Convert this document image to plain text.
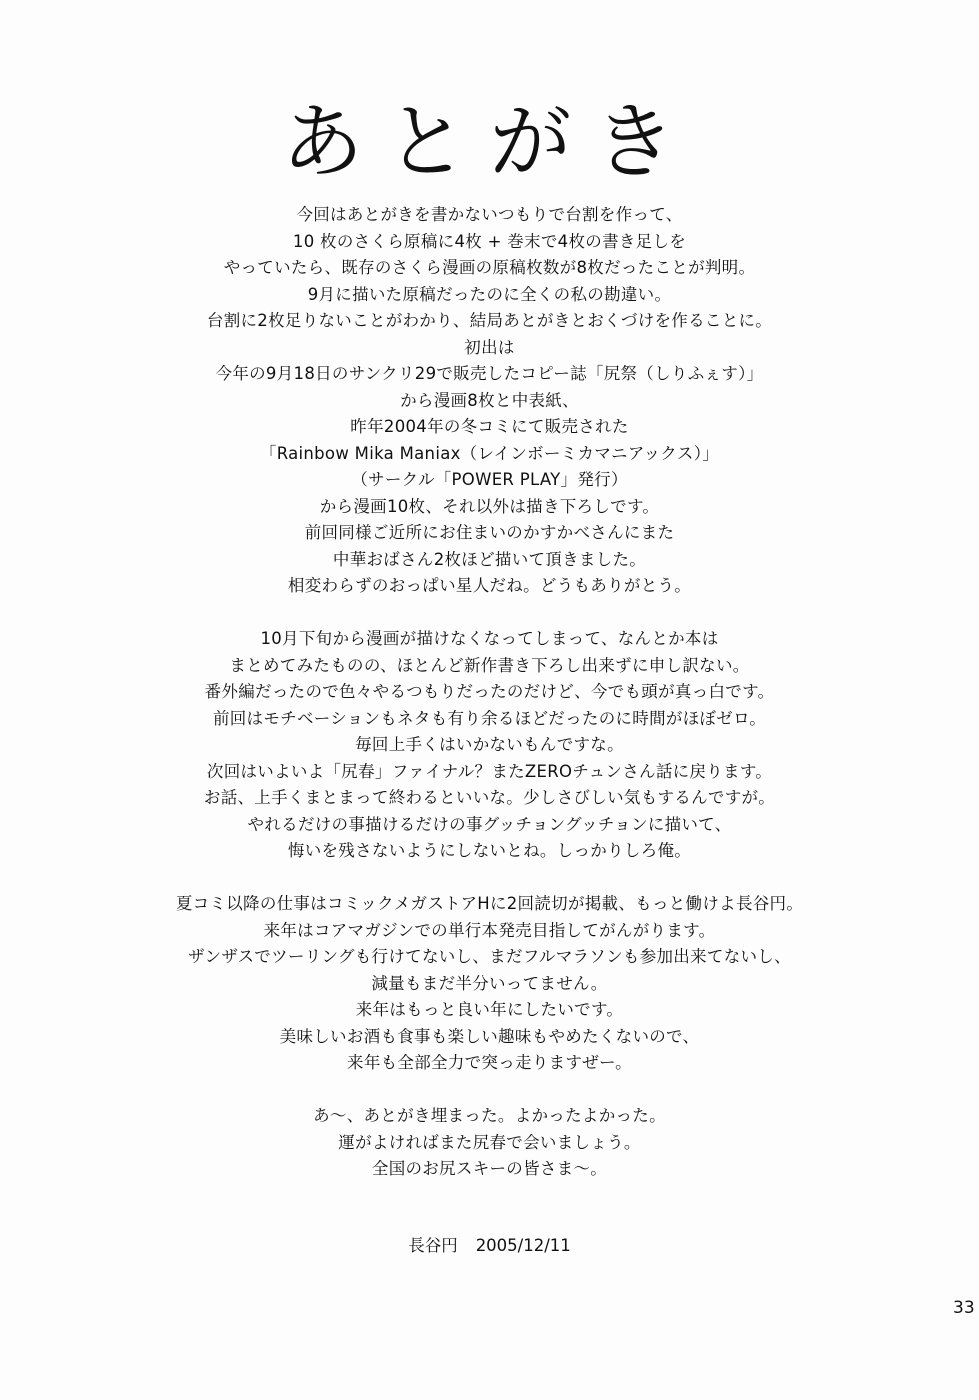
あとがき
今回はあとがきを書かないつもりで台割を作って、
10 枚のさくら原稿に4枚 + 巻末で4枚の書き足しを
やっていたら、既存のさくら漫画の原稿枚数が8枚だったことが判明。
9月に描いた原稿だったのに全くの私の勘違い。
台割に2枚足りないことがわかり、結局あとがきとおくづけを作ることに。
初出は
今年の9月18日のサンクリ29で販売したコピー誌「尻祭（しりふぇす）」
から漫画8枚と中表紙、
昨年2004年の冬コミにて販売された
「Rainbow Mika Maniax（レインボーミカマニアックス）」
（サークル「POWER PLAY」発行）
から漫画10枚、それ以外は描き下ろしです。
前回同様ご近所にお住まいのかすかべさんにまた
中華おばさん2枚ほど描いて頂きました。
相変わらずのおっぱい星人だね。どうもありがとう。
10月下旬から漫画が描けなくなってしまって、なんとか本は
まとめてみたものの、ほとんど新作書き下ろし出来ずに申し訳ない。
番外編だったので色々やるつもりだったのだけど、今でも頭が真っ白です。
前回はモチベーションもネタも有り余るほどだったのに時間がほぼゼロ。
毎回上手くはいかないもんですな。
次回はいよいよ「尻春」ファイナル？またZEROチュンさん話に戻ります。
お話、上手くまとまって終わるといいな。少しさびしい気もするんですが。
やれるだけの事描けるだけの事グッチョングッチョンに描いて、
悔いを残さないようにしないとね。しっかりしろ俺。
夏コミ以降の仕事はコミックメガストアHに2回読切が掲載、もっと働けよ長谷円。
来年はコアマガジンでの単行本発売目指してがんがります。
ザンザスでツーリングも行けてないし、まだフルマラソンも参加出来てないし、
減量もまだ半分いってません。
来年はもっと良い年にしたいです。
美味しいお酒も食事も楽しい趣味もやめたくないので、
来年も全部全力で突っ走りますぜー。
あ～、あとがき埋まった。よかったよかった。
運がよければまた尻春で会いましょう。
全国のお尻スキーの皆さま～。
長谷円 2005/12/11
33
